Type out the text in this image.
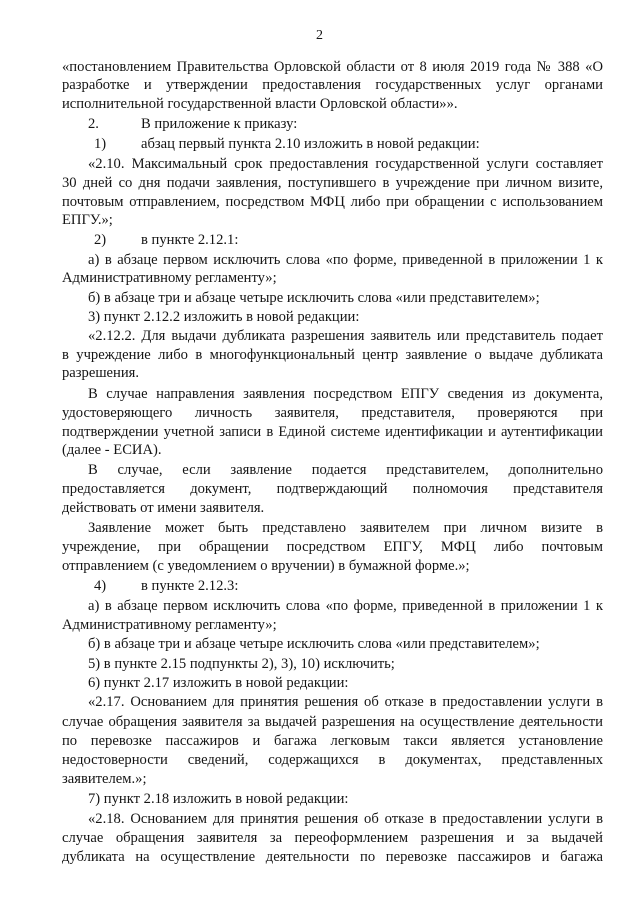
2

«постановлением Правительства Орловской области от 8 июля 2019 года № 388 «О

разработке и утверждении предоставления государственных услуг органами

исполнительной государственной власти Орловской области»».

2.	В приложение к приказу:

1) абзац первый пункта 2.10 изложить в новой редакции:

«2.10. Максимальный срок предоставления государственной услуги составляет

30 дней со дня подачи заявления, поступившего в учреждение при личном визите,

почтовым отправлением, посредством МФЦ либо при обращении с использованием

ЕПГУ.»;

2) в пункте 2.12.1:

а) в абзаце первом исключить слова «по форме, приведенной в приложении 1 к

Административному регламенту»;

б) в абзаце три и абзаце четыре исключить слова «или представителем»;

3) пункт 2.12.2 изложить в новой редакции:

«2.12.2. Для выдачи дубликата разрешения заявитель или представитель подает

в учреждение либо в многофункциональный центр заявление о выдаче дубликата

разрешения.

В случае направления заявления посредством ЕПГУ сведения из документа,

удостоверяющего личность заявителя, представителя, проверяются при

подтверждении учетной записи в Единой системе идентификации и аутентификации

(далее - ЕСИА).

В случае, если заявление подается представителем, дополнительно

предоставляется документ, подтверждающий полномочия представителя

действовать от имени заявителя.

Заявление может быть представлено заявителем при личном визите в

учреждение, при обращении посредством ЕПГУ, МФЦ либо почтовым

отправлением (с уведомлением о вручении) в бумажной форме.»;

4) в пункте 2.12.3:

а) в абзаце первом исключить слова «по форме, приведенной в приложении 1 к

Административному регламенту»;

б) в абзаце три и абзаце четыре исключить слова «или представителем»;

5) в пункте 2.15 подпункты 2), 3), 10) исключить;

6) пункт 2.17 изложить в новой редакции:

«2.17. Основанием для принятия решения об отказе в предоставлении услуги в

случае обращения заявителя за выдачей разрешения на осуществление деятельности

по перевозке пассажиров и багажа легковым такси является установление

недостоверности сведений, содержащихся в документах, представленных

заявителем.»;

7) пункт 2.18 изложить в новой редакции:

«2.18. Основанием для принятия решения об отказе в предоставлении услуги в

случае обращения заявителя за переоформлением разрешения и за выдачей

дубликата на осуществление деятельности по перевозке пассажиров и багажа
